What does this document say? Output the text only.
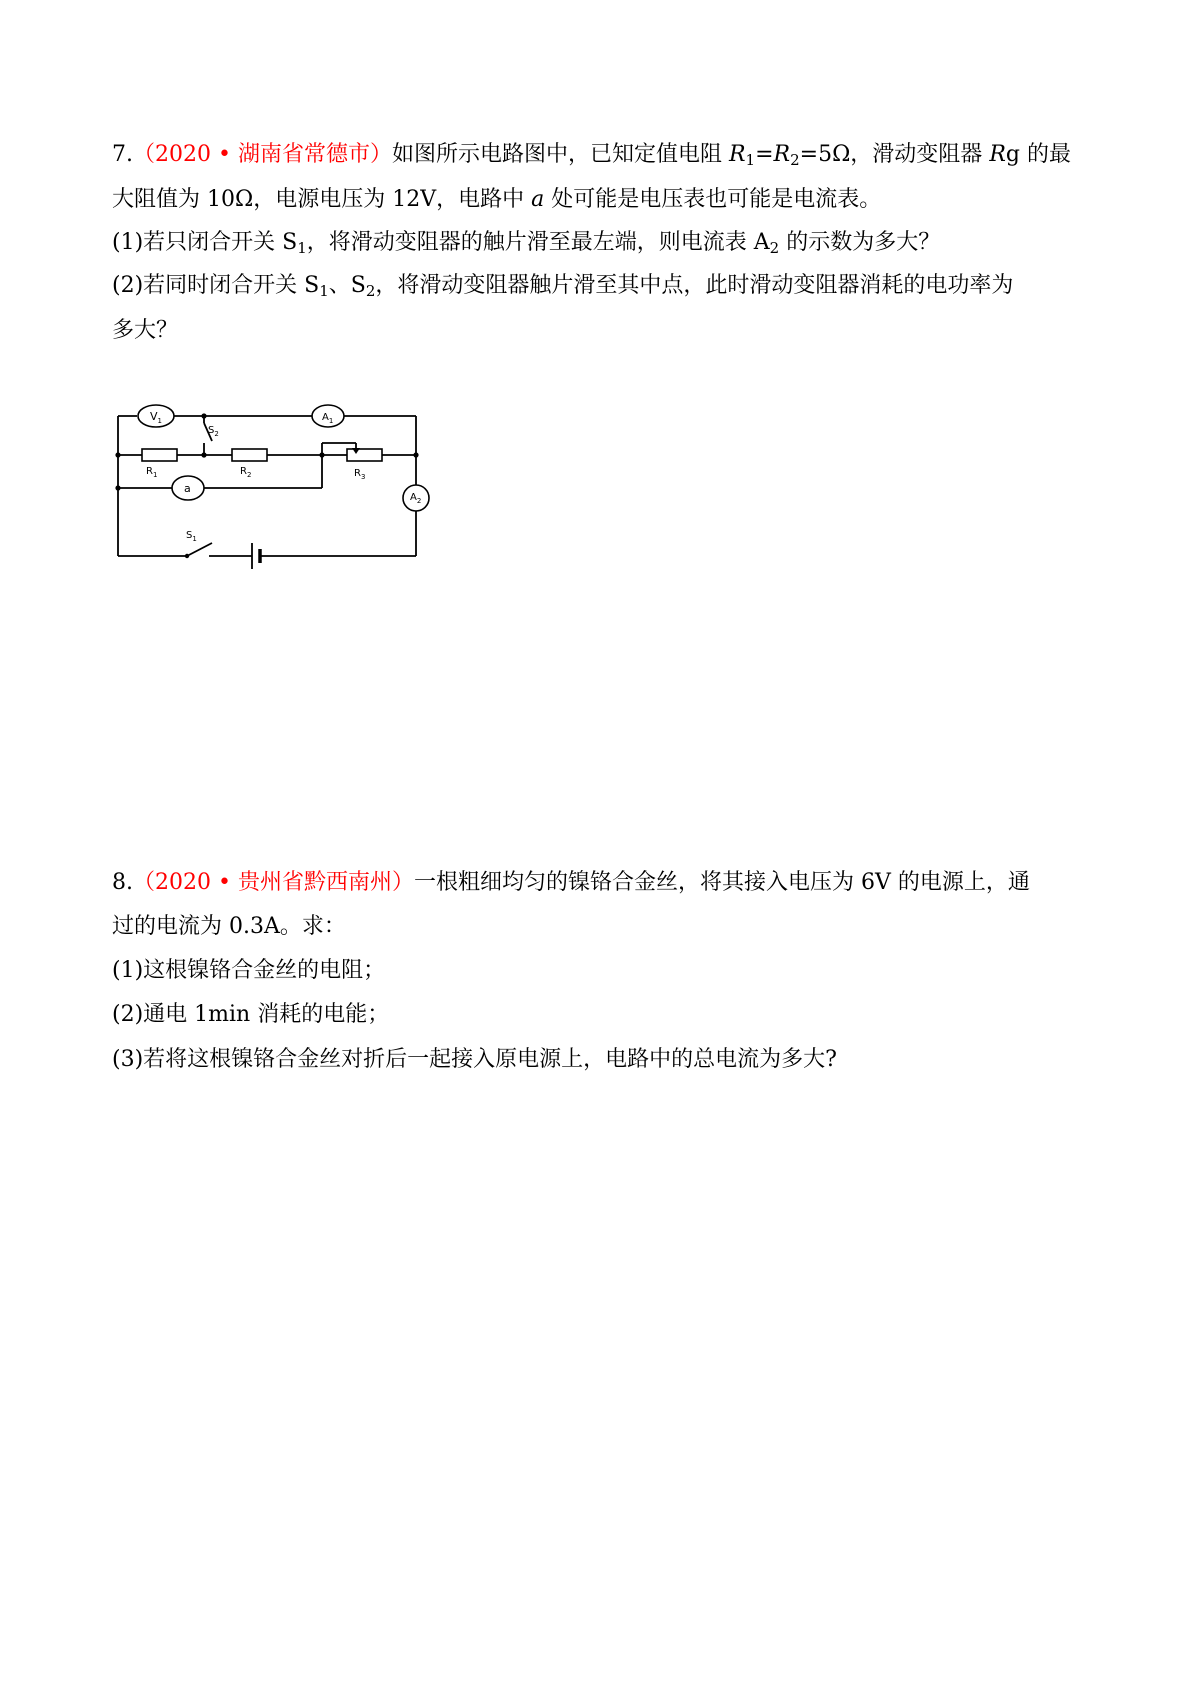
7.（2020 • 湖南省常德市）如图所示电路图中，已知定值电阻 $R_1=R_2=5\Omega$，滑动变阻器 Rg 的最
大阻值为 10Ω，电源电压为 12V，电路中 a 处可能是电压表也可能是电流表。
(1)若只闭合开关 $S_1$，将滑动变阻器的触片滑至最左端，则电流表 $A_2$ 的示数为多大？
(2)若同时闭合开关 $S_1$、$S_2$，将滑动变阻器触片滑至其中点，此时滑动变阻器消耗的电功率为
多大？
$V_1$	$A_1$
$A_2$
a
$S_2$
$S_1$
$R_1$	$R_2$	$R_3$
8.（2020 • 贵州省黔西南州）一根粗细均匀的镍铬合金丝，将其接入电压为 6V 的电源上，通
过的电流为 0.3A。求：
(1)这根镍铬合金丝的电阻；
(2)通电 1min 消耗的电能；
(3)若将这根镍铬合金丝对折后一起接入原电源上，电路中的总电流为多大?
